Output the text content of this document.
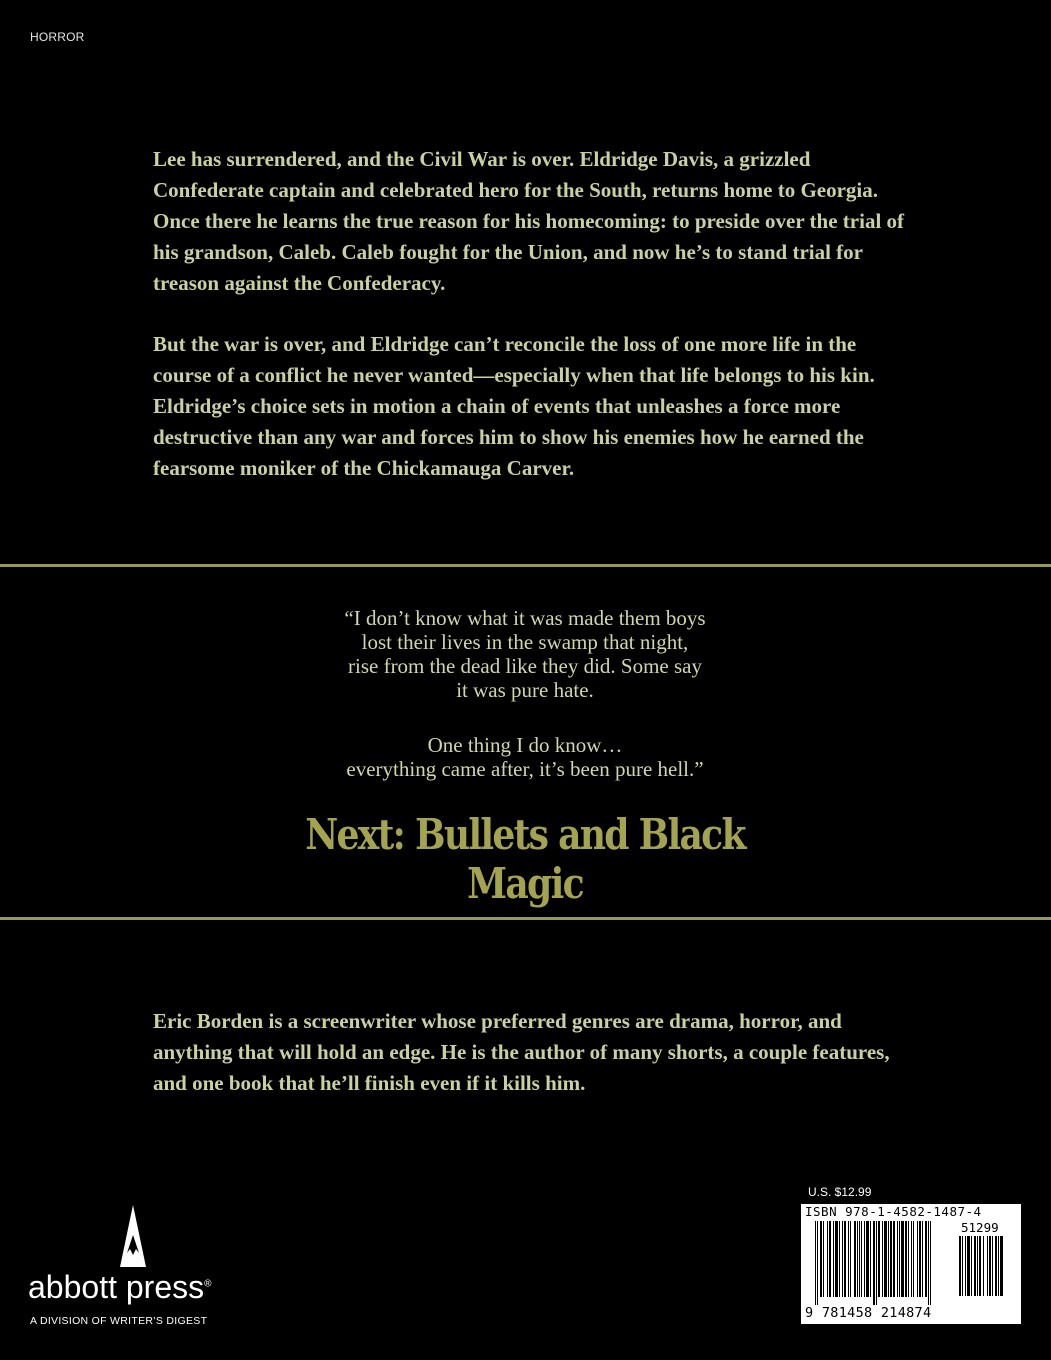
HORROR

Lee has surrendered, and the Civil War is over. Eldridge Davis, a grizzled Confederate captain and celebrated hero for the South, returns home to Georgia. Once there he learns the true reason for his homecoming: to preside over the trial of his grandson, Caleb. Caleb fought for the Union, and now he’s to stand trial for treason against the Confederacy.

But the war is over, and Eldridge can’t reconcile the loss of one more life in the course of a conflict he never wanted—especially when that life belongs to his kin. Eldridge’s choice sets in motion a chain of events that unleashes a force more destructive than any war and forces him to show his enemies how he earned the fearsome moniker of the Chickamauga Carver.

“I don’t know what it was made them boys
lost their lives in the swamp that night,
rise from the dead like they did. Some say
it was pure hate.

One thing I do know…
everything came after, it’s been pure hell.”

Next: Bullets and Black Magic

Eric Borden is a screenwriter whose preferred genres are drama, horror, and anything that will hold an edge. He is the author of many shorts, a couple features, and one book that he’ll finish even if it kills him.

abbott press®
A DIVISION OF WRITER’S DIGEST
U.S. $12.99
ISBN 978-1-4582-1487-4
51299
9 781458 214874
